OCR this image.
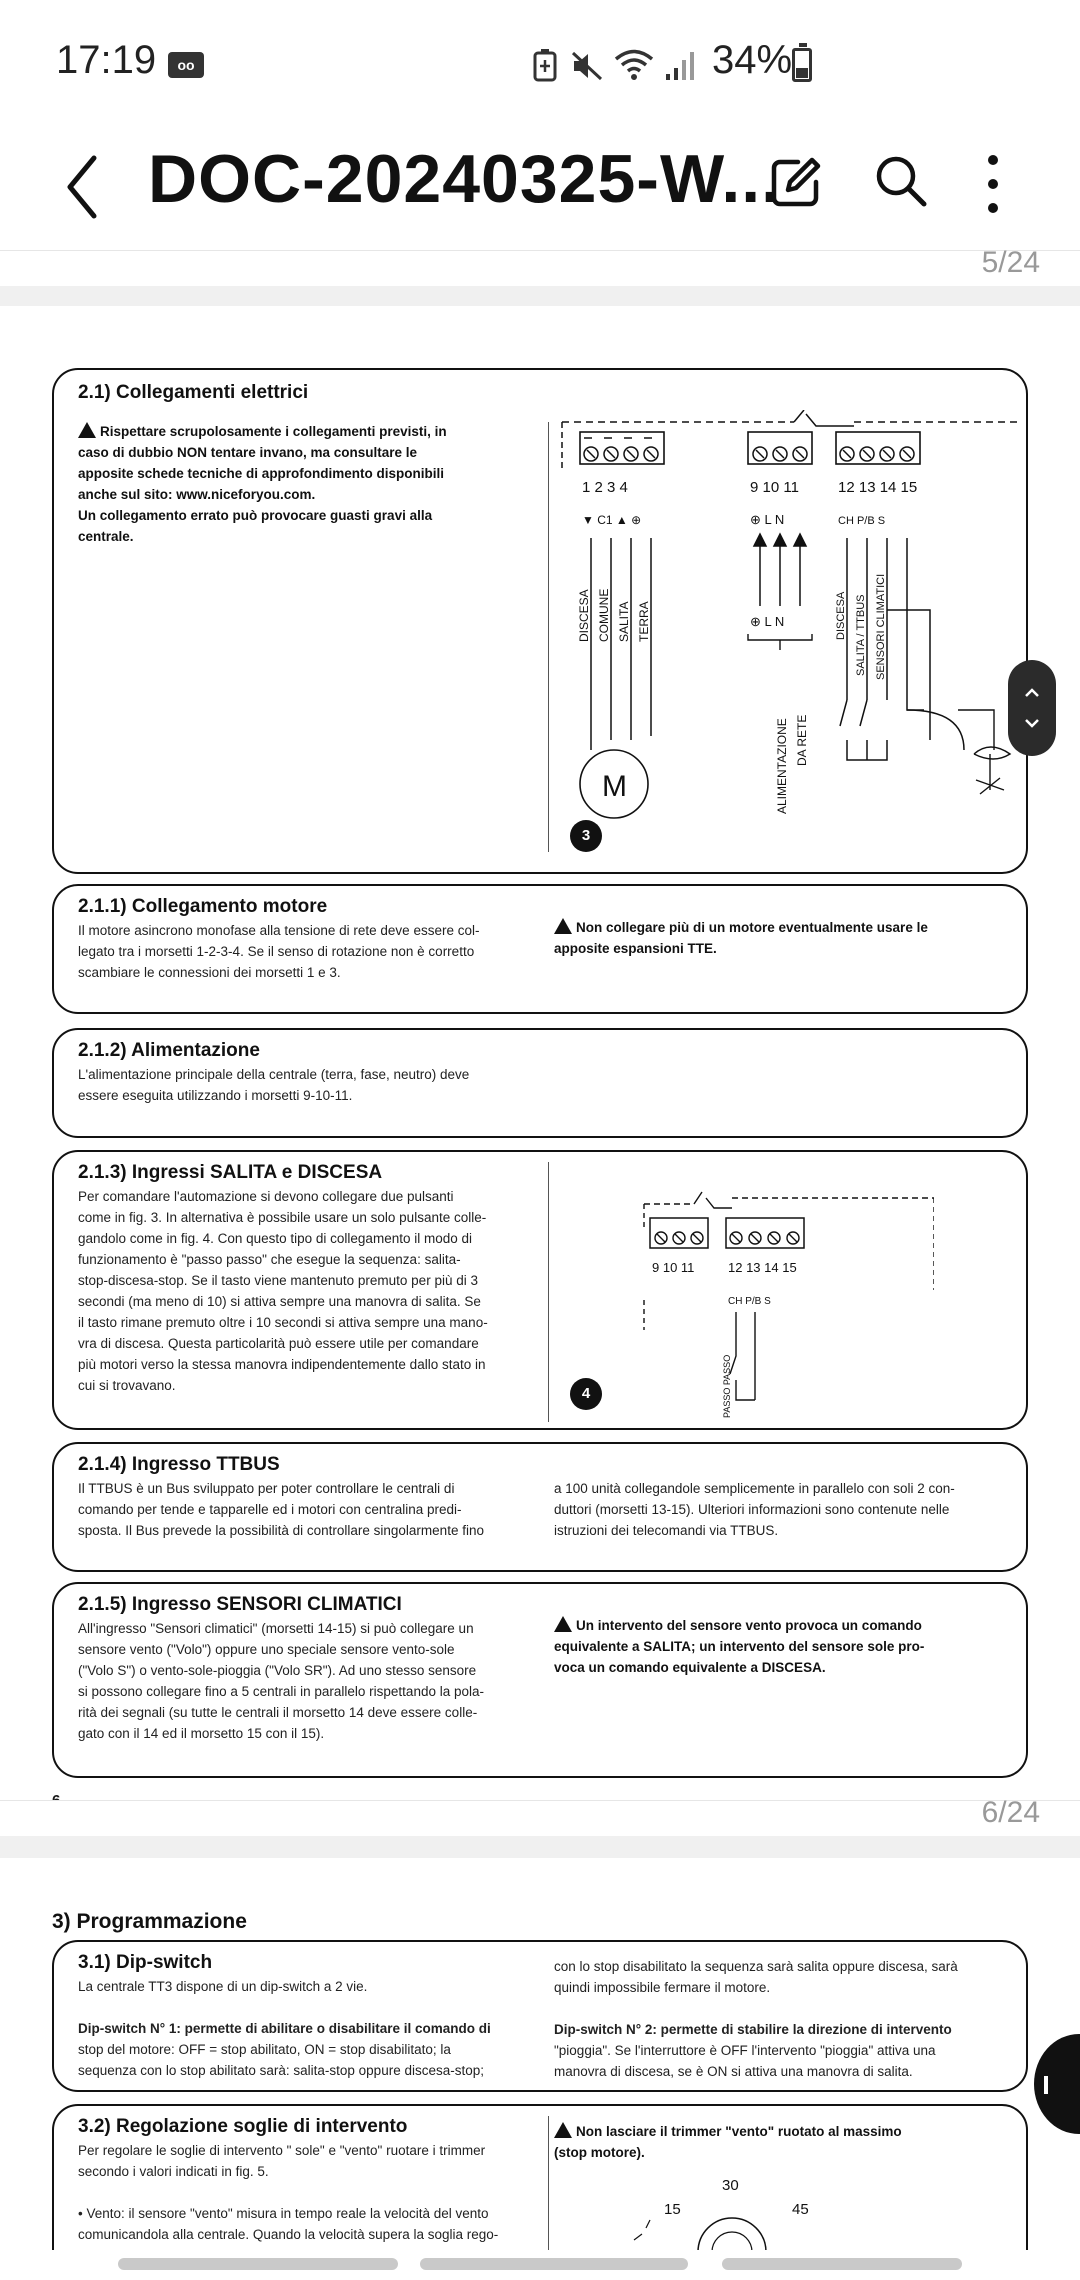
17:19	oo	34%
DOC-20240325-W...
5/24
2.1) Collegamenti elettrici
Rispettare scrupolosamente i collegamenti previsti, in
caso di dubbio NON tentare invano, ma consultare le
apposite schede tecniche di approfondimento disponibili
anche sul sito: www.niceforyou.com.
Un collegamento errato può provocare guasti gravi alla
centrale.
1 2 3 4	9 10 11	12 13 14 15
▼ C1 ▲ ⊕	⊕ L N	CH P/B S
DISCESA COMUNE SALITA TERRA
M
⊕ L N
ALIMENTAZIONE DA RETE
DISCESA SALITA / TTBUS SENSORI CLIMATICI
3
2.1.1) Collegamento motore
Il motore asincrono monofase alla tensione di rete deve essere col-
legato tra i morsetti 1-2-3-4. Se il senso di rotazione non è corretto
scambiare le connessioni dei morsetti 1 e 3.
Non collegare più di un motore eventualmente usare le
apposite espansioni TTE.
2.1.2) Alimentazione
L'alimentazione principale della centrale (terra, fase, neutro) deve
essere eseguita utilizzando i morsetti 9-10-11.
2.1.3) Ingressi SALITA e DISCESA
Per comandare l'automazione si devono collegare due pulsanti
come in fig. 3. In alternativa è possibile usare un solo pulsante colle-
gandolo come in fig. 4. Con questo tipo di collegamento il modo di
funzionamento è "passo passo" che esegue la sequenza: salita-
stop-discesa-stop. Se il tasto viene mantenuto premuto per più di 3
secondi (ma meno di 10) si attiva sempre una manovra di salita. Se
il tasto rimane premuto oltre i 10 secondi si attiva sempre una mano-
vra di discesa. Questa particolarità può essere utile per comandare
più motori verso la stessa manovra indipendentemente dallo stato in
cui si trovavano.
9 10 11	12 13 14 15
CH P/B S
PASSO PASSO
4
2.1.4) Ingresso TTBUS
Il TTBUS è un Bus sviluppato per poter controllare le centrali di
comando per tende e tapparelle ed i motori con centralina predi-
sposta. Il Bus prevede la possibilità di controllare singolarmente fino
a 100 unità collegandole semplicemente in parallelo con soli 2 con-
duttori (morsetti 13-15). Ulteriori informazioni sono contenute nelle
istruzioni dei telecomandi via TTBUS.
2.1.5) Ingresso SENSORI CLIMATICI
All'ingresso "Sensori climatici" (morsetti 14-15) si può collegare un
sensore vento ("Volo") oppure uno speciale sensore vento-sole
("Volo S") o vento-sole-pioggia ("Volo SR"). Ad uno stesso sensore
si possono collegare fino a 5 centrali in parallelo rispettando la pola-
rità dei segnali (su tutte le centrali il morsetto 14 deve essere colle-
gato con il 14 ed il morsetto 15 con il 15).
Un intervento del sensore vento provoca un comando
equivalente a SALITA; un intervento del sensore sole pro-
voca un comando equivalente a DISCESA.
6/24
3) Programmazione
3.1) Dip-switch
La centrale TT3 dispone di un dip-switch a 2 vie.
Dip-switch N° 1: permette di abilitare o disabilitare il comando di
stop del motore: OFF = stop abilitato, ON = stop disabilitato; la
sequenza con lo stop abilitato sarà: salita-stop oppure discesa-stop;
con lo stop disabilitato la sequenza sarà salita oppure discesa, sarà
quindi impossibile fermare il motore.
Dip-switch N° 2: permette di stabilire la direzione di intervento
"pioggia". Se l'interruttore è OFF l'intervento "pioggia" attiva una
manovra di discesa, se è ON si attiva una manovra di salita.
3.2) Regolazione soglie di intervento
Per regolare le soglie di intervento " sole" e "vento" ruotare i trimmer
secondo i valori indicati in fig. 5.
• Vento: il sensore "vento" misura in tempo reale la velocità del vento
comunicandola alla centrale. Quando la velocità supera la soglia rego-
Non lasciare il trimmer "vento" ruotato al massimo
(stop motore).
30
15	45
